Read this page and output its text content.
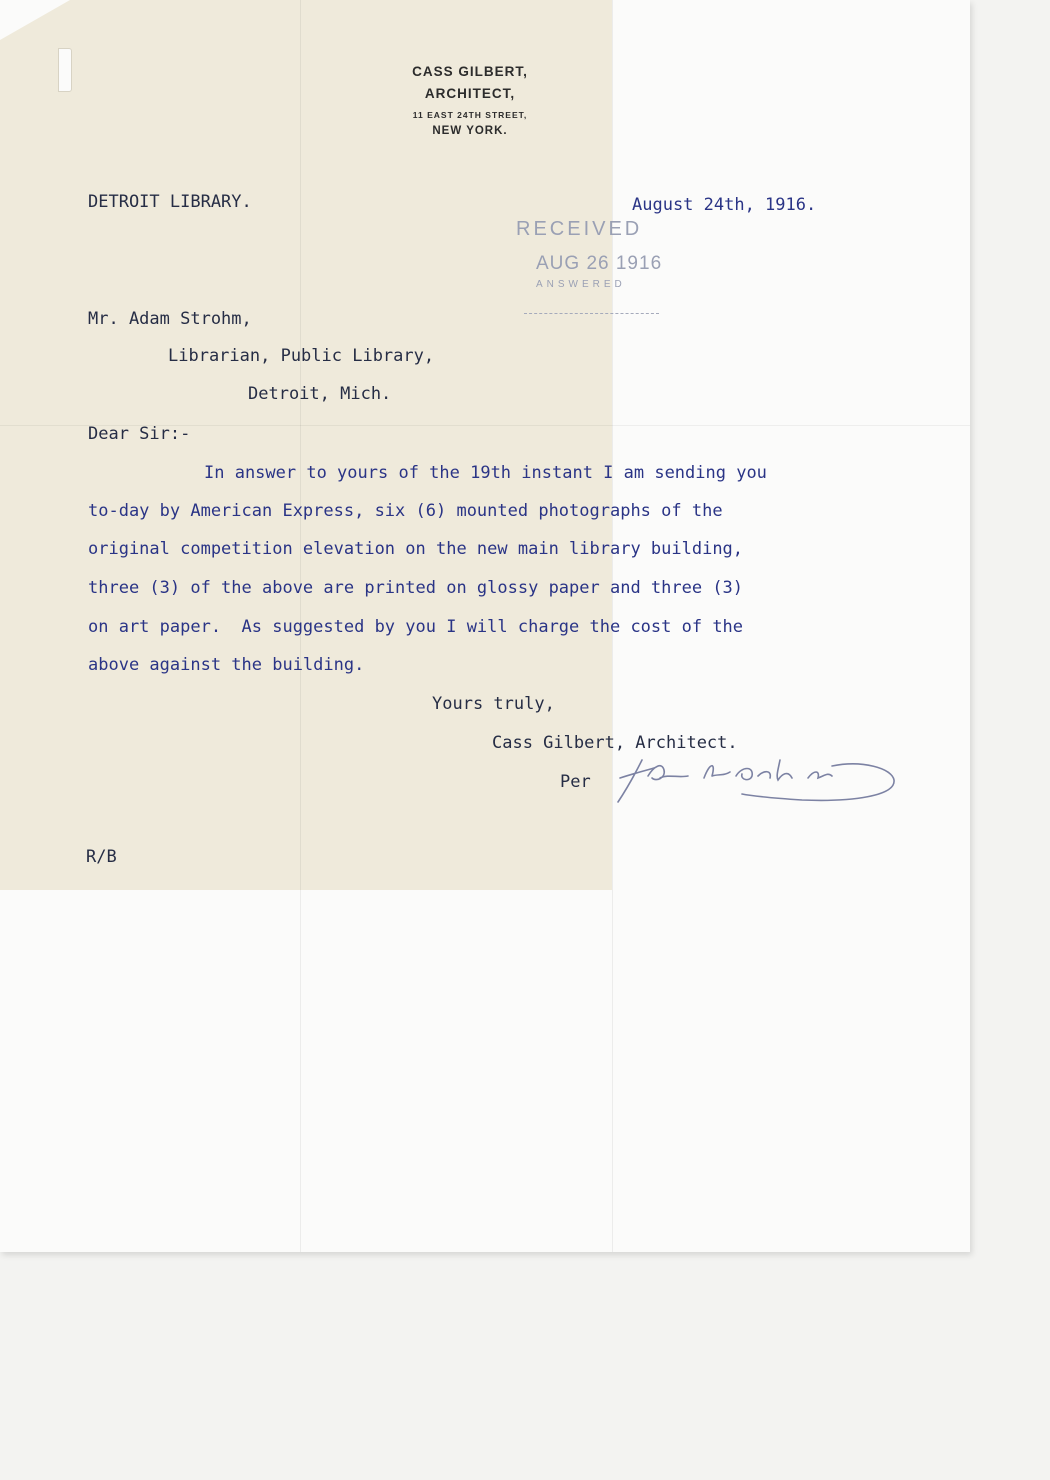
CASS GILBERT,
ARCHITECT,
11 EAST 24TH STREET,
NEW YORK.
DETROIT LIBRARY.	August 24th, 1916.
RECEIVED
AUG 26 1916
ANSWERED
Mr. Adam Strohm,
Librarian, Public Library,
Detroit, Mich.
Dear Sir:-
In answer to yours of the 19th instant I am sending you
to-day by American Express, six (6) mounted photographs of the
original competition elevation on the new main library building,
three (3) of the above are printed on glossy paper and three (3)
on art paper.  As suggested by you I will charge the cost of the
above against the building.
Yours truly,
Cass Gilbert, Architect.
Per
R/B
